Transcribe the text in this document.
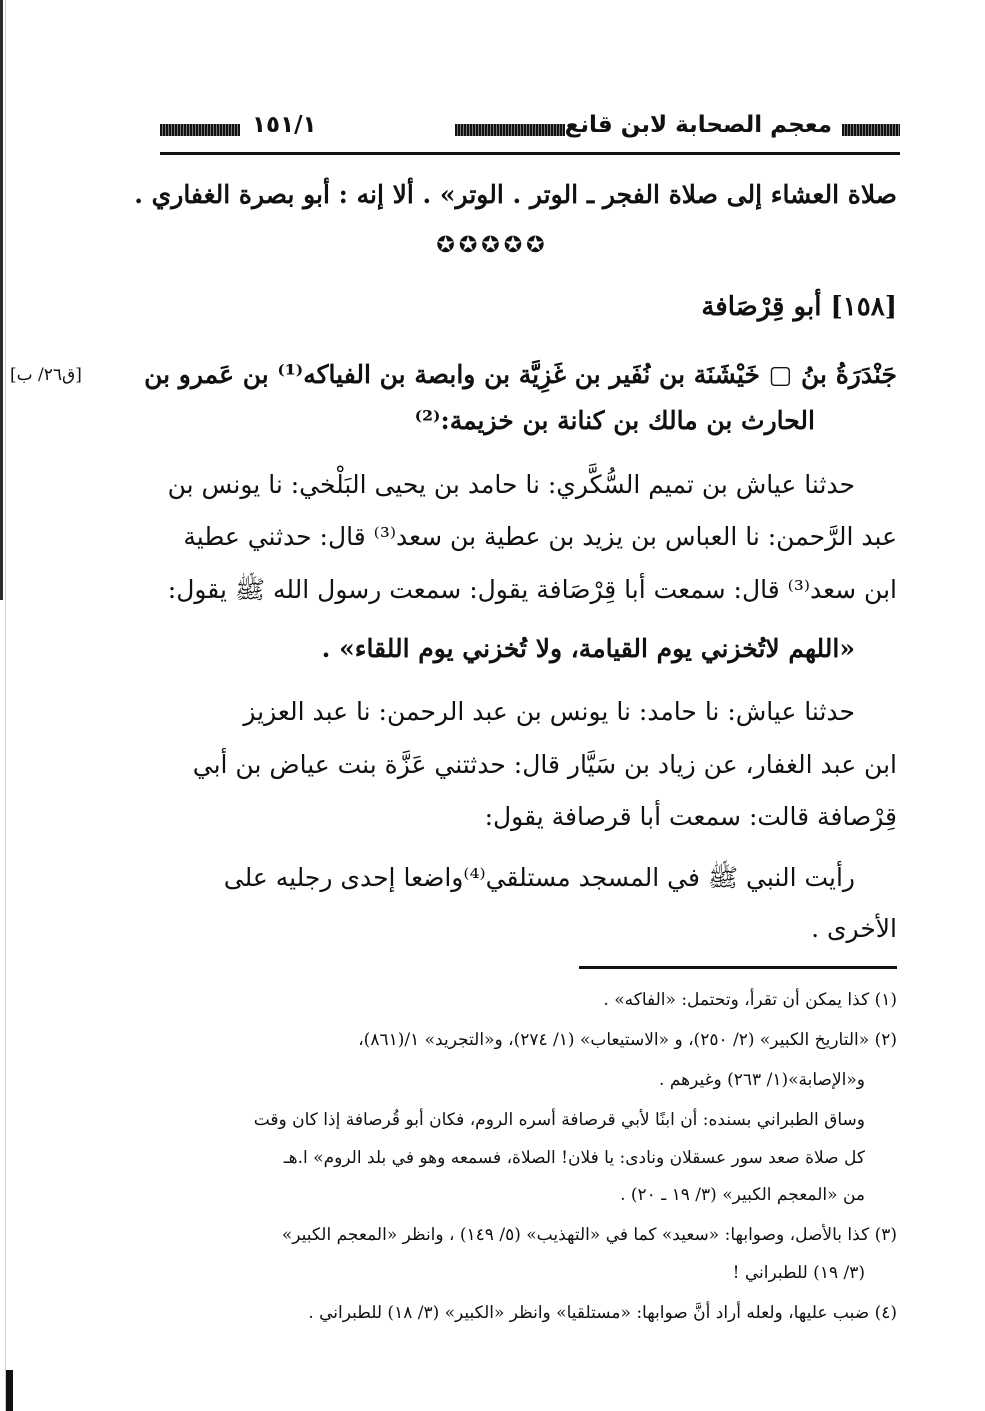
معجم الصحابة لابن قانع
١٥١/١
صلاة العشاء إلى صلاة الفجر ـ الوتر . الوتر» . ألا إنه : أبو بصرة الغفاري .
✪✪✪✪✪
[١٥٨] أبو قِرْصَافة
جَنْدَرَةُ بنُ ▢ خَيْشَنَة بن نُفَير بن غَزِيَّة بن وابصة بن الفياكه⁽¹⁾ بن عَمرو بن
[ق٢٦/ ب]
الحارث بن مالك بن كنانة بن خزيمة:⁽²⁾
حدثنا عياش بن تميم السُّكَّري: نا حامد بن يحيى البَلْخي: نا يونس بن
عبد الرَّحمن: نا العباس بن يزيد بن عطية بن سعد⁽³⁾ قال: حدثني عطية
ابن سعد⁽³⁾ قال: سمعت أبا قِرْصَافة يقول: سمعت رسول الله ﷺ يقول:
«اللهم لاتُخزني يوم القيامة، ولا تُخزني يوم اللقاء» .
حدثنا عياش: نا حامد: نا يونس بن عبد الرحمن: نا عبد العزيز
ابن عبد الغفار، عن زياد بن سَيَّار قال: حدثتني عَزَّة بنت عياض بن أبي
قِرْصافة قالت: سمعت أبا قرصافة يقول:
رأيت النبي ﷺ في المسجد مستلقي⁽⁴⁾واضعا إحدى رجليه على
الأخرى .
(١) كذا يمكن أن تقرأ، وتحتمل: «الفاكه» .
(٢) «التاريخ الكبير» (٢/ ٢٥٠)، و «الاستيعاب» (١/ ٢٧٤)، و«التجريد» ١/(٨٦١)،
و«الإصابة»(١/ ٢٦٣) وغيرهم .
وساق الطبراني بسنده: أن ابنًا لأبي قرصافة أسره الروم، فكان أبو قُرصافة إذا كان وقت
كل صلاة صعد سور عسقلان ونادى: يا فلان! الصلاة، فسمعه وهو في بلد الروم» ا.هـ
من «المعجم الكبير» (٣/ ١٩ ـ ٢٠) .
(٣) كذا بالأصل، وصوابها: «سعيد» كما في «التهذيب» (٥/ ١٤٩) ، وانظر «المعجم الكبير»
(٣/ ١٩) للطبراني !
(٤) ضبب عليها، ولعله أراد أنَّ صوابها: «مستلقيا» وانظر «الكبير» (٣/ ١٨) للطبراني .
